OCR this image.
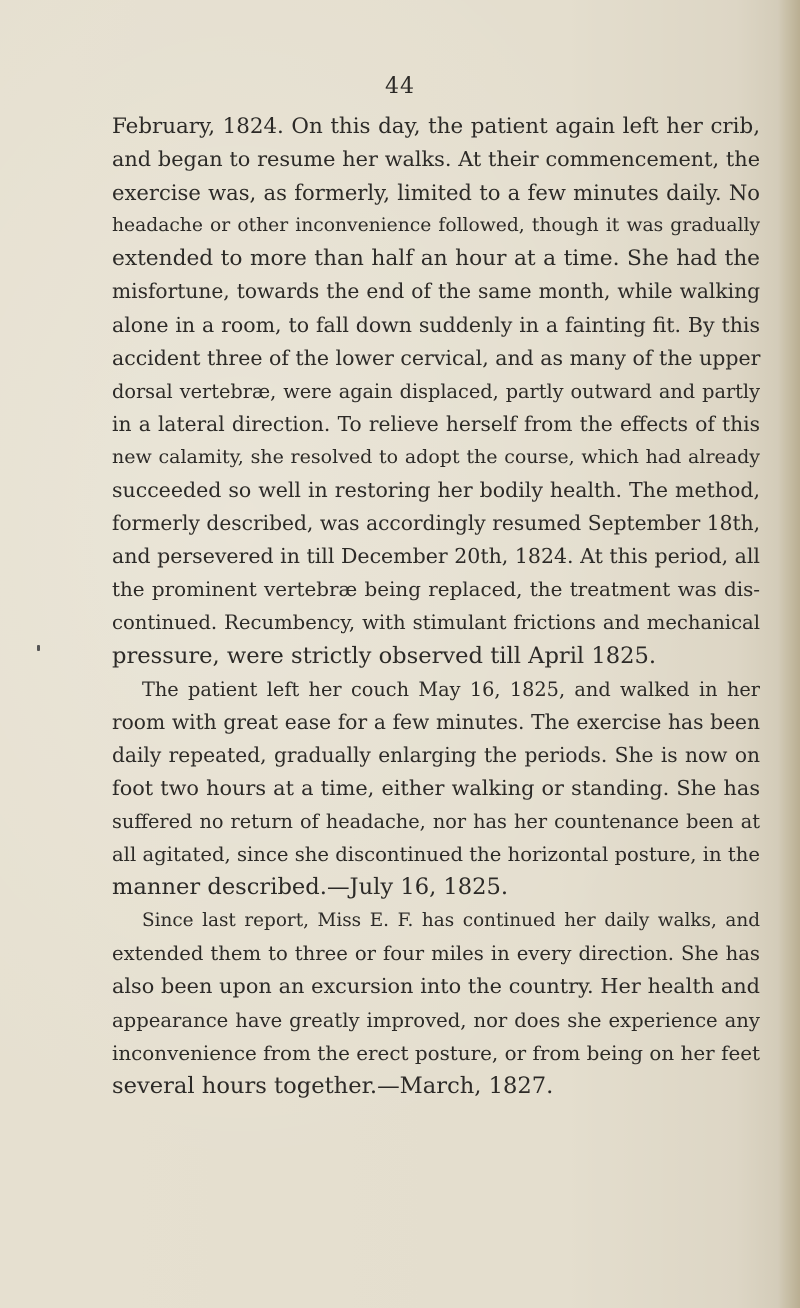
44
February, 1824. On this day, the patient again left her crib,
and began to resume her walks. At their commencement, the
exercise was, as formerly, limited to a few minutes daily. No
headache or other inconvenience followed, though it was gradually
extended to more than half an hour at a time. She had the
misfortune, towards the end of the same month, while walking
alone in a room, to fall down suddenly in a fainting fit. By this
accident three of the lower cervical, and as many of the upper
dorsal vertebræ, were again displaced, partly outward and partly
in a lateral direction. To relieve herself from the effects of this
new calamity, she resolved to adopt the course, which had already
succeeded so well in restoring her bodily health. The method,
formerly described, was accordingly resumed September 18th,
and persevered in till December 20th, 1824. At this period, all
the prominent vertebræ being replaced, the treatment was dis-
continued. Recumbency, with stimulant frictions and mechanical
pressure, were strictly observed till April 1825.
The patient left her couch May 16, 1825, and walked in her
room with great ease for a few minutes. The exercise has been
daily repeated, gradually enlarging the periods. She is now on
foot two hours at a time, either walking or standing. She has
suffered no return of headache, nor has her countenance been at
all agitated, since she discontinued the horizontal posture, in the
manner described.—July 16, 1825.
Since last report, Miss E. F. has continued her daily walks, and
extended them to three or four miles in every direction. She has
also been upon an excursion into the country. Her health and
appearance have greatly improved, nor does she experience any
inconvenience from the erect posture, or from being on her feet
several hours together.—March, 1827.
